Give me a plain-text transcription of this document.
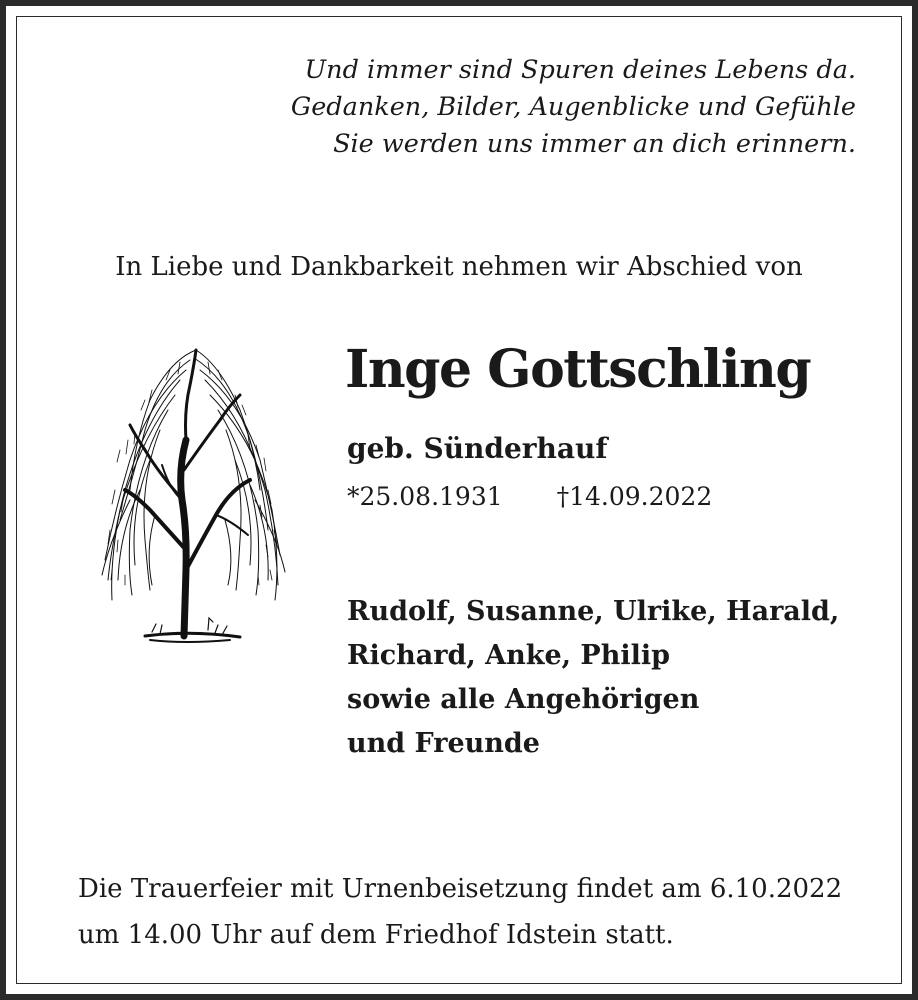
Und immer sind Spuren deines Lebens da.
Gedanken, Bilder, Augenblicke und Gefühle
Sie werden uns immer an dich erinnern.
In Liebe und Dankbarkeit nehmen wir Abschied von
Inge Gottschling
geb. Sünderhauf
*25.08.1931 †14.09.2022
Rudolf, Susanne, Ulrike, Harald,
Richard, Anke, Philip
sowie alle Angehörigen
und Freunde
Die Trauerfeier mit Urnenbeisetzung findet am 6.10.2022
um 14.00 Uhr auf dem Friedhof Idstein statt.
